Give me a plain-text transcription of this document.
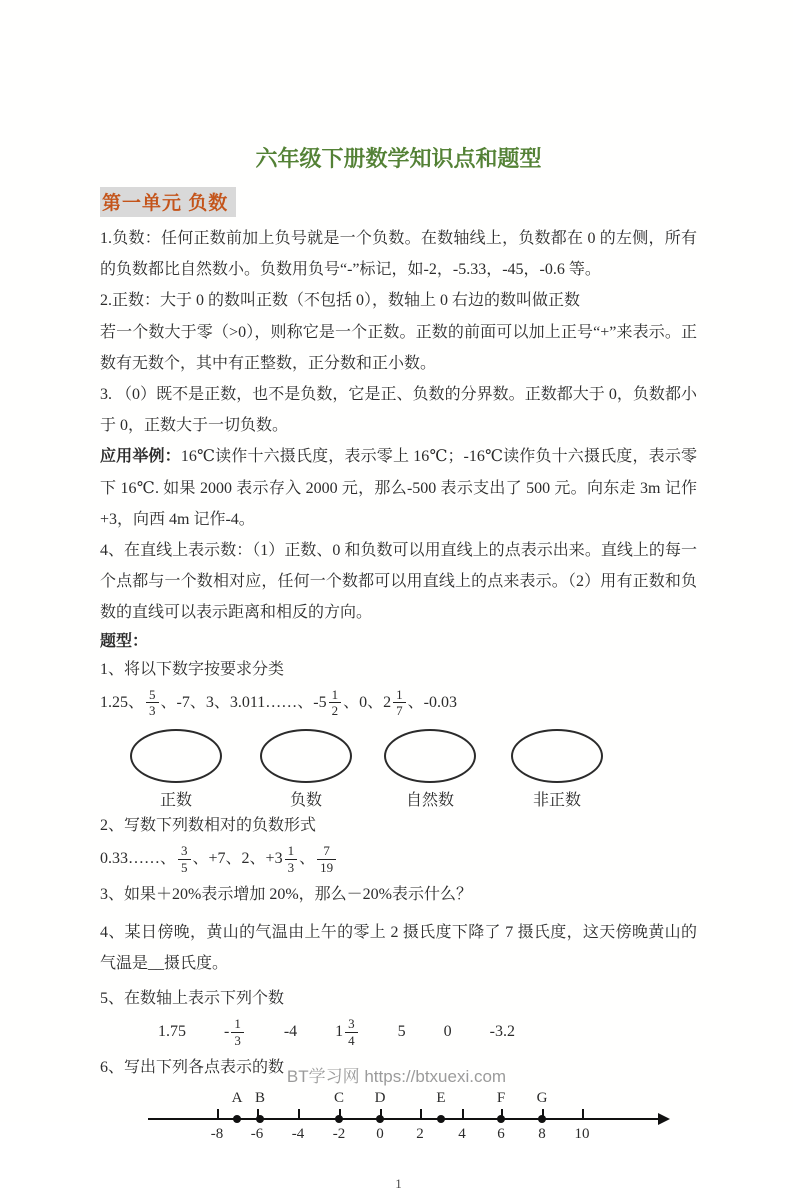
六年级下册数学知识点和题型
第一单元 负数

1.负数：任何正数前加上负号就是一个负数。在数轴线上，负数都在 0 的左侧，所有的负数都比自然数小。负数用负号“-”标记，如-2，-5.33，-45，-0.6 等。

2.正数：大于 0 的数叫正数（不包括 0），数轴上 0 右边的数叫做正数

若一个数大于零（>0），则称它是一个正数。正数的前面可以加上正号“+”来表示。正数有无数个，其中有正整数，正分数和正小数。

3. （0）既不是正数，也不是负数，它是正、负数的分界数。正数都大于 0，负数都小于 0，正数大于一切负数。

应用举例：16℃读作十六摄氏度，表示零上 16℃；-16℃读作负十六摄氏度，表示零下 16℃. 如果 2000 表示存入 2000 元，那么-500 表示支出了 500 元。向东走 3m 记作+3，向西 4m 记作-4。

4、在直线上表示数：（1）正数、0 和负数可以用直线上的点表示出来。直线上的每一个点都与一个数相对应，任何一个数都可以用直线上的点来表示。（2）用有正数和负数的直线可以表示距离和相反的方向。

题型：

1、将以下数字按要求分类

1.25、 $\frac{5}{3}$ 、-7、3、3.011……、 $-5 \frac{1}{2}$ 、0、 $2 \frac{1}{7}$ 、-0.03
正数	负数	自然数	非正数

2、写数下列数相对的负数形式

0.33……、 $\frac{3}{5}$ 、+7、2、$+3 \frac{1}{3}$ 、 $\frac{7}{19}$

3、如果＋20%表示增加 20%，那么－20%表示什么？

4、某日傍晚，黄山的气温由上午的零上 2 摄氏度下降了 7 摄氏度，这天傍晚黄山的气温是__摄氏度。

5、在数轴上表示下列个数

$1.75 - \frac{1}{3}$	-4 $1 \frac{3}{4}$	5 0 -3.2

6、写出下列各点表示的数

-8	-6	-4	-2	0	2	4	6	8	10
A B	C	D	E	F	G
1
BT学习网 https://btxuexi.com
